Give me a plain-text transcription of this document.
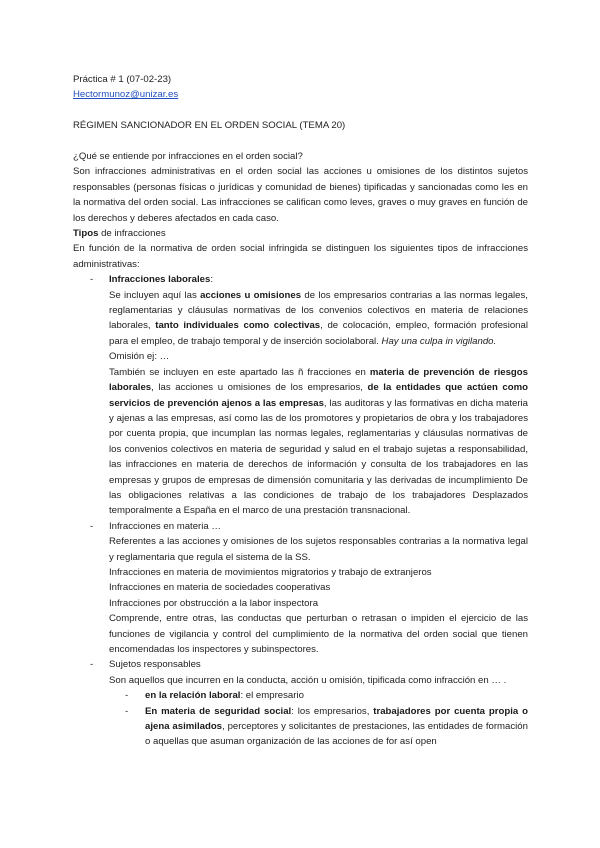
Práctica # 1 (07-02-23)

Hectormunoz@unizar.es

RÉGIMEN SANCIONADOR EN EL ORDEN SOCIAL (TEMA 20)

¿Qué se entiende por infracciones en el orden social?

Son infracciones administrativas en el orden social las acciones u omisiones de los distintos sujetos responsables (personas físicas o jurídicas y comunidad de bienes) tipificadas y sancionadas como les en la normativa del orden social. Las infracciones se califican como leves, graves o muy graves en función de los derechos y deberes afectados en cada caso.

Tipos de infracciones

En función de la normativa de orden social infringida se distinguen los siguientes tipos de infracciones administrativas:

- Infracciones laborales:

Se incluyen aquí las acciones u omisiones de los empresarios contrarias a las normas legales, reglamentarias y cláusulas normativas de los convenios colectivos en materia de relaciones laborales, tanto individuales como colectivas, de colocación, empleo, formación profesional para el empleo, de trabajo temporal y de inserción sociolaboral. Hay una culpa in vigilando.

Omisión ej: …

También se incluyen en este apartado las ñ fracciones en materia de prevención de riesgos laborales, las acciones u omisiones de los empresarios, de la entidades que actúen como servicios de prevención ajenos a las empresas, las auditoras y las formativas en dicha materia y ajenas a las empresas, así como las de los promotores y propietarios de obra y los trabajadores por cuenta propia, que incumplan las normas legales, reglamentarias y cláusulas normativas de los convenios colectivos en materia de seguridad y salud en el trabajo sujetas a responsabilidad, las infracciones en materia de derechos de información y consulta de los trabajadores en las empresas y grupos de empresas de dimensión comunitaria y las derivadas de incumplimiento De las obligaciones relativas a las condiciones de trabajo de los trabajadores Desplazados temporalmente a España en el marco de una prestación transnacional.

- Infracciones en materia …

Referentes a las acciones y omisiones de los sujetos responsables contrarias a la normativa legal y reglamentaria que regula el sistema de la SS.

Infracciones en materia de movimientos migratorios y trabajo de extranjeros

Infracciones en materia de sociedades cooperativas

Infracciones por obstrucción a la labor inspectora

Comprende, entre otras, las conductas que perturban o retrasan o impiden el ejercicio de las funciones de vigilancia y control del cumplimiento de la normativa del orden social que tienen encomendadas los inspectores y subinspectores.

- Sujetos responsables

Son aquellos que incurren en la conducta, acción u omisión, tipificada como infracción en … .

- en la relación laboral: el empresario
- En materia de seguridad social: los empresarios, trabajadores por cuenta propia o ajena asimilados, perceptores y solicitantes de prestaciones, las entidades de formación o aquellas que asuman organización de las acciones de for así open
